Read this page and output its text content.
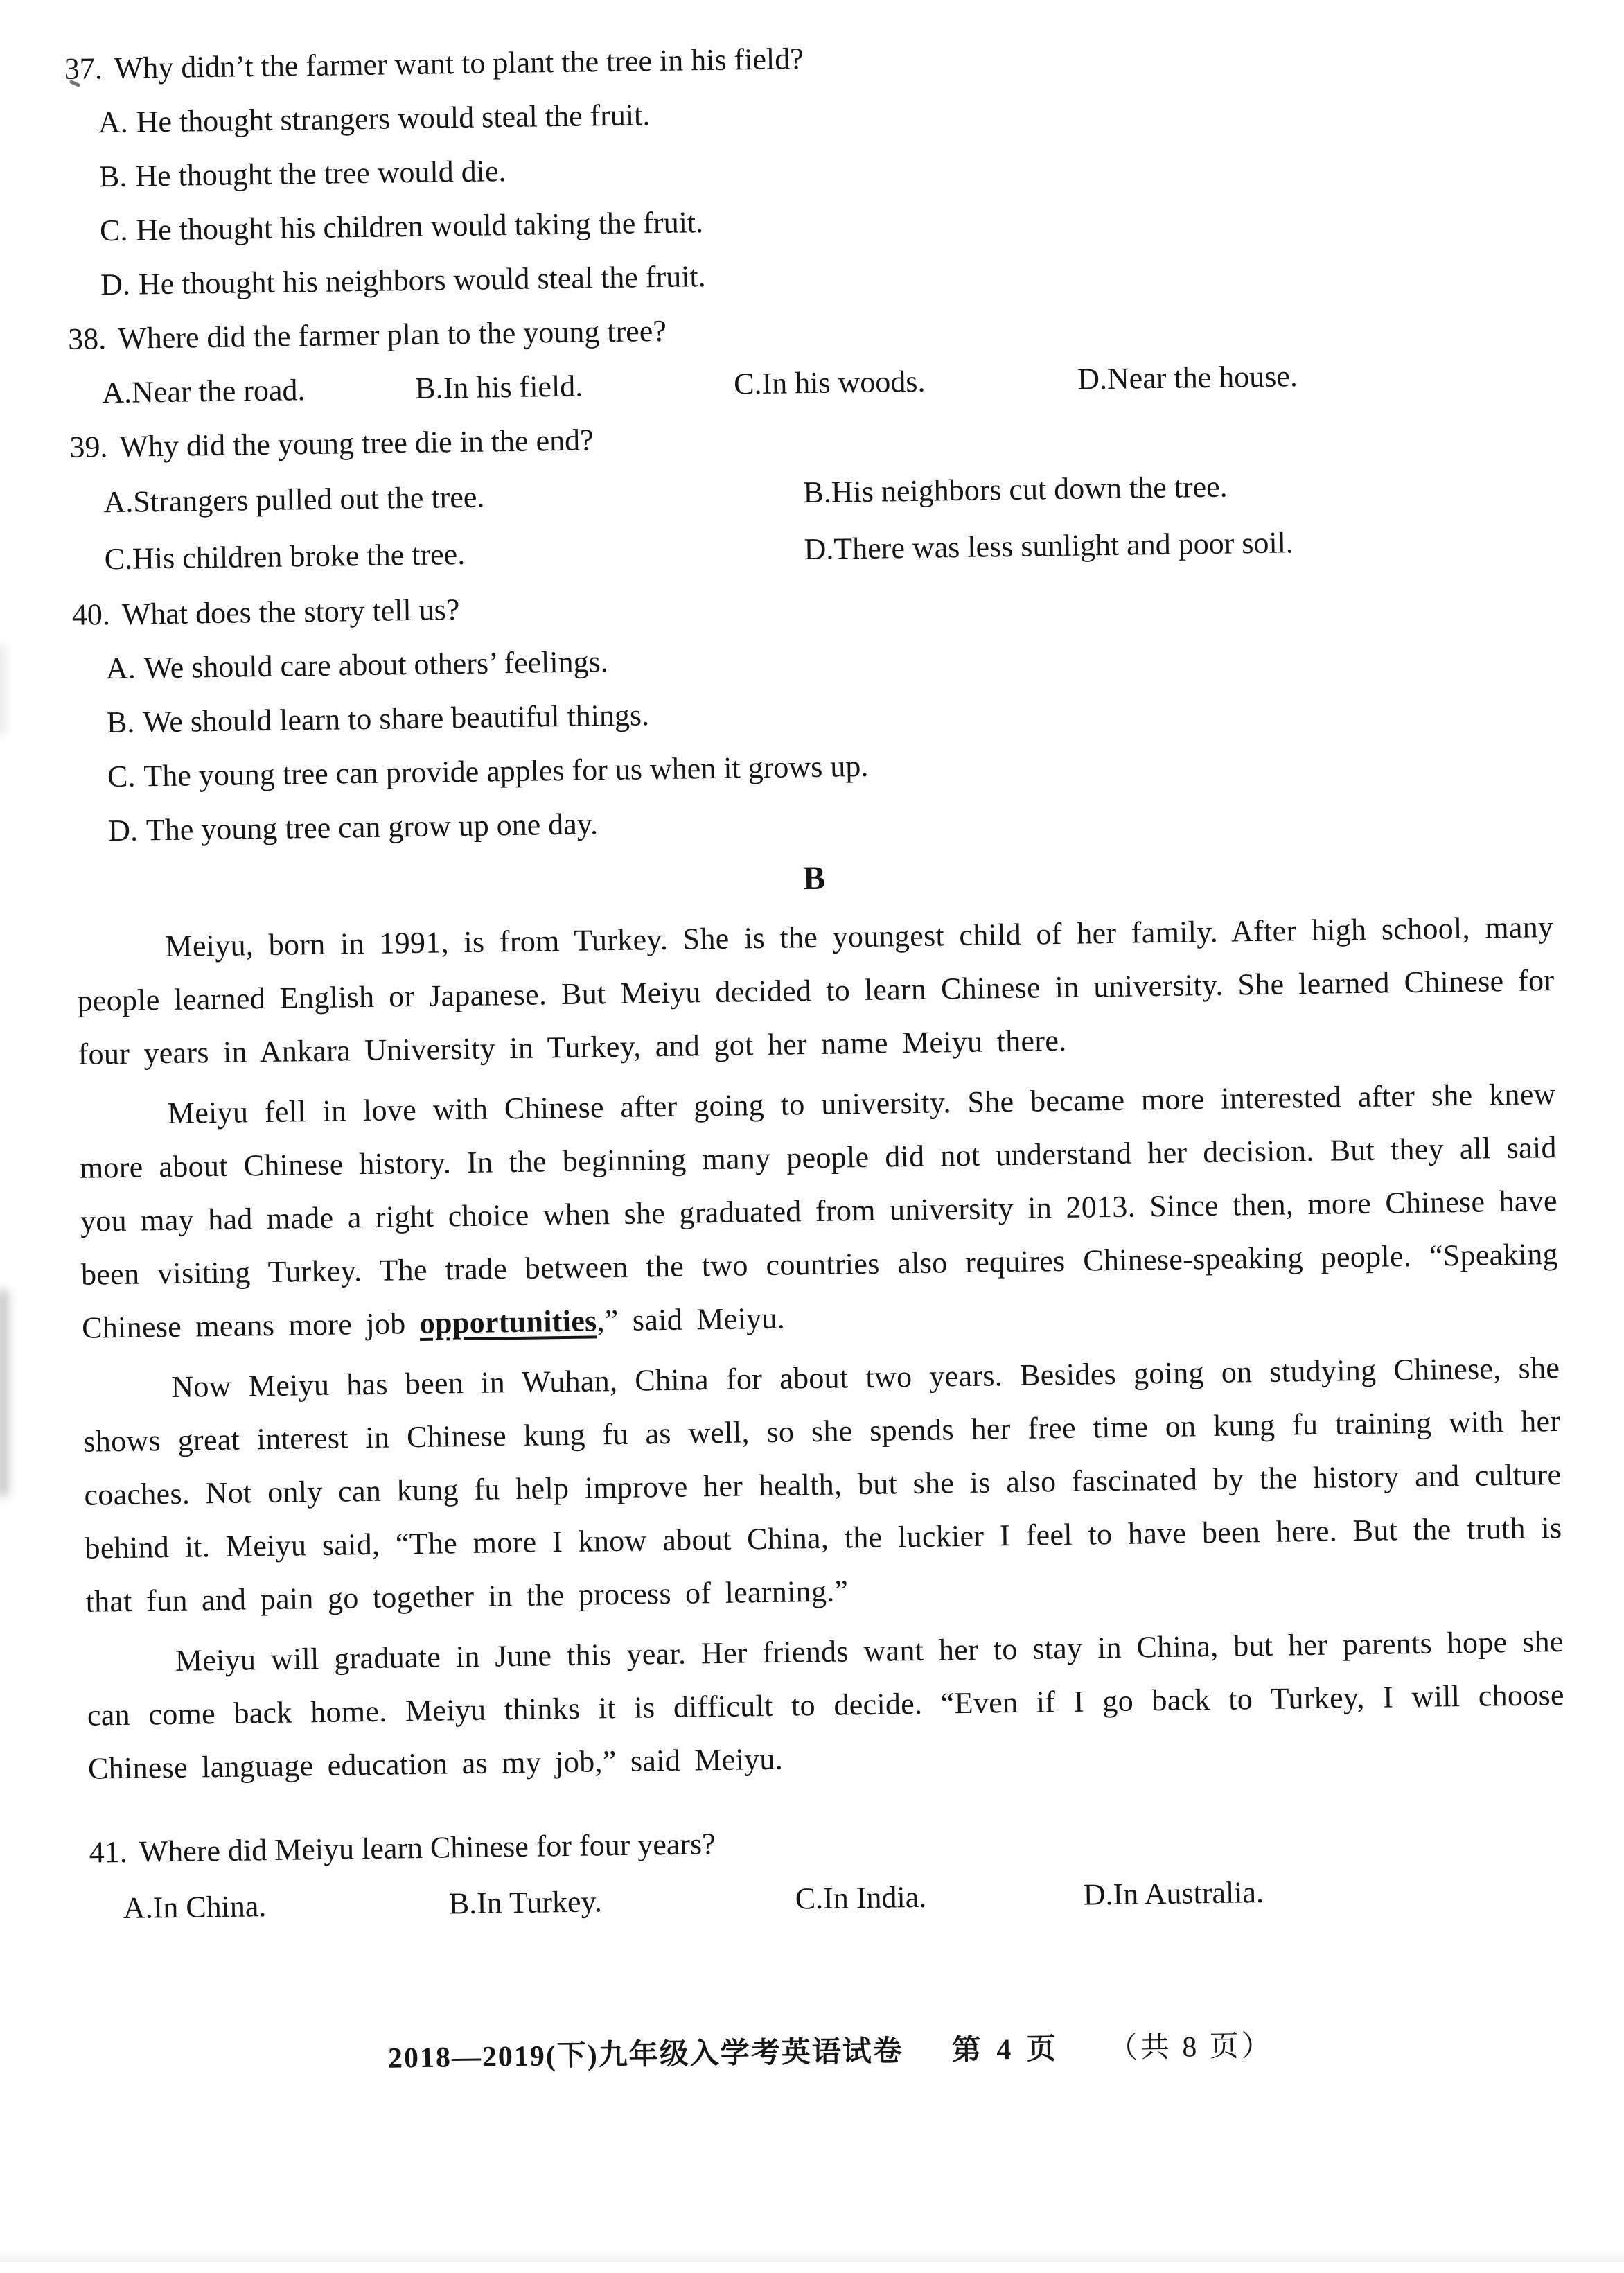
37. Why didn’t the farmer want to plant the tree in his field?
A. He thought strangers would steal the fruit.
B. He thought the tree would die.
C. He thought his children would taking the fruit.
D. He thought his neighbors would steal the fruit.
38. Where did the farmer plan to the young tree?
A.Near the road.	B.In his field.	C.In his woods.	D.Near the house.
39. Why did the young tree die in the end?
A.Strangers pulled out the tree.	B.His neighbors cut down the tree.
C.His children broke the tree.	D.There was less sunlight and poor soil.
40. What does the story tell us?
A. We should care about others’ feelings.
B. We should learn to share beautiful things.
C. The young tree can provide apples for us when it grows up.
D. The young tree can grow up one day.
B

Meiyu, born in 1991, is from Turkey. She is the youngest child of her family. After high school, many people learned English or Japanese. But Meiyu decided to learn Chinese in university. She learned Chinese for four years in Ankara University in Turkey, and got her name Meiyu there.

Meiyu fell in love with Chinese after going to university. She became more interested after she knew more about Chinese history. In the beginning many people did not understand her decision. But they all said you may had made a right choice when she graduated from university in 2013. Since then, more Chinese have been visiting Turkey. The trade between the two countries also requires Chinese-speaking people. “Speaking Chinese means more job opportunities,” said Meiyu.

Now Meiyu has been in Wuhan, China for about two years. Besides going on studying Chinese, she shows great interest in Chinese kung fu as well, so she spends her free time on kung fu training with her coaches. Not only can kung fu help improve her health, but she is also fascinated by the history and culture behind it. Meiyu said, “The more I know about China, the luckier I feel to have been here. But the truth is that fun and pain go together in the process of learning.”

Meiyu will graduate in June this year. Her friends want her to stay in China, but her parents hope she can come back home. Meiyu thinks it is difficult to decide. “Even if I go back to Turkey, I will choose Chinese language education as my job,” said Meiyu.

41. Where did Meiyu learn Chinese for four years?
A.In China.	B.In Turkey.	C.In India.	D.In Australia.
2018—2019(下)九年级入学考英语试卷 第 4 页 （共 8 页）
